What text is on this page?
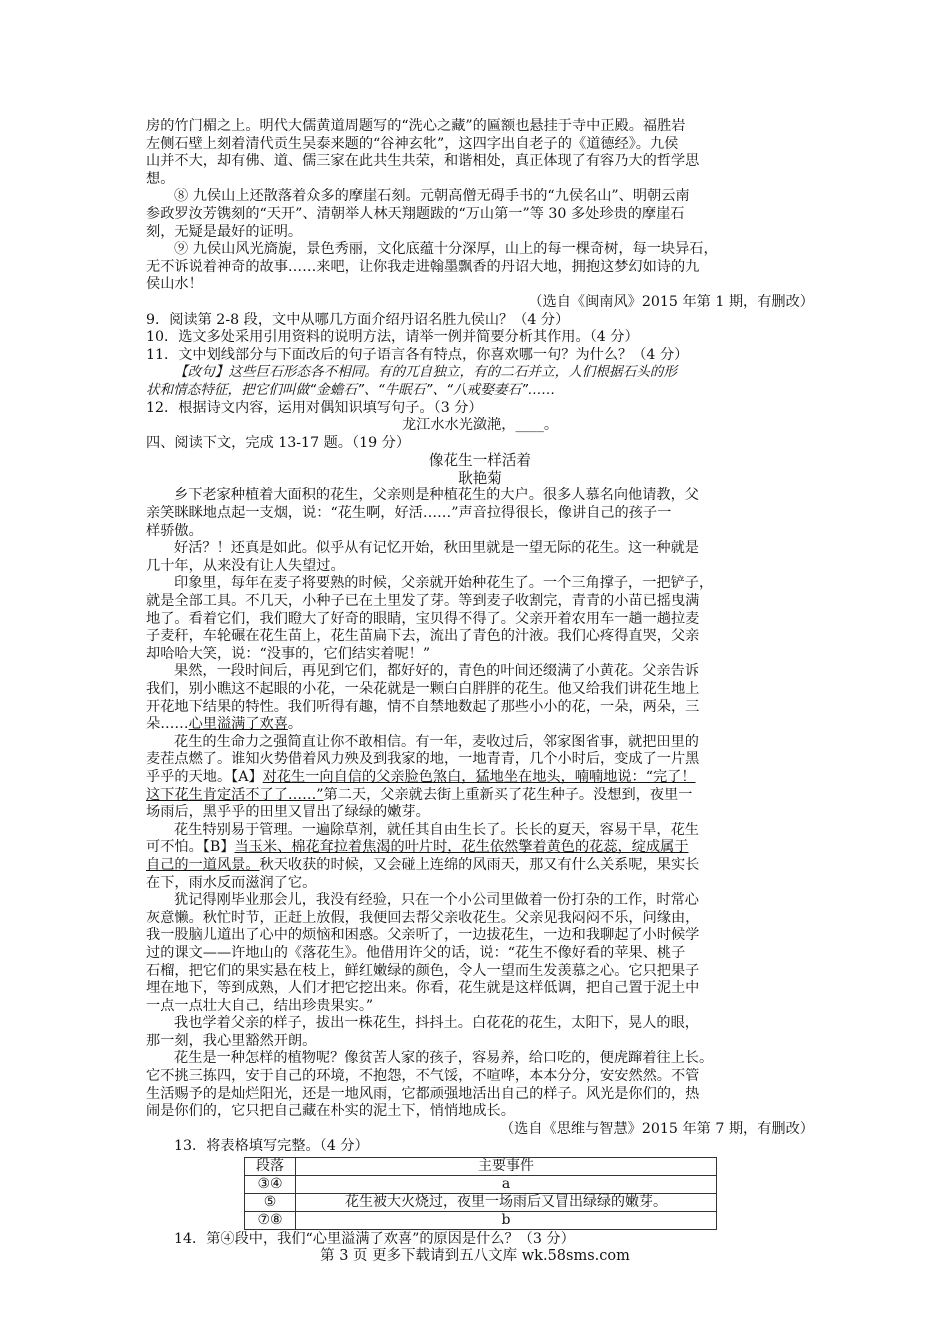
房的竹门楣之上。明代大儒黄道周题写的“洗心之藏”的匾额也悬挂于寺中正殿。福胜岩
左侧石壁上刻着清代贡生吴泰来题的“谷神玄牝”，这四字出自老子的《道德经》。九侯
山并不大，却有佛、道、儒三家在此共生共荣，和谐相处，真正体现了有容乃大的哲学思
想。
⑧ 九侯山上还散落着众多的摩崖石刻。元朝高僧无碍手书的“九侯名山”、明朝云南
参政罗汝芳镌刻的“天开”、清朝举人林天翔题跋的“万山第一”等 30 多处珍贵的摩崖石
刻，无疑是最好的证明。
⑨ 九侯山风光旖旎，景色秀丽，文化底蕴十分深厚，山上的每一棵奇树，每一块异石，
无不诉说着神奇的故事……来吧，让你我走进翰墨飘香的丹诏大地，拥抱这梦幻如诗的九
侯山水！
（选自《闽南风》2015 年第 1 期，有删改）
9．阅读第 2-8 段，文中从哪几方面介绍丹诏名胜九侯山？（4 分）
10．选文多处采用引用资料的说明方法，请举一例并简要分析其作用。（4 分）
11．文中划线部分与下面改后的句子语言各有特点，你喜欢哪一句？为什么？（4 分）
【改句】这些巨石形态各不相同。有的兀自独立，有的二石并立，人们根据石头的形
状和情态特征，把它们叫做“金蟾石”、“牛眠石”、“八戒娶妻石”……
12．根据诗文内容，运用对偶知识填写句子。（3 分）
龙江水水光潋滟，____。
四、阅读下文，完成 13-17 题。（19 分）
像花生一样活着
耿艳菊
乡下老家种植着大面积的花生，父亲则是种植花生的大户。很多人慕名向他请教，父
亲笑眯眯地点起一支烟，说：“花生啊，好活……”声音拉得很长，像讲自己的孩子一
样骄傲。
好活？！还真是如此。似乎从有记忆开始，秋田里就是一望无际的花生。这一种就是
几十年，从来没有让人失望过。
印象里，每年在麦子将要熟的时候，父亲就开始种花生了。一个三角撑子，一把铲子，
就是全部工具。不几天，小种子已在土里发了芽。等到麦子收割完，青青的小苗已摇曳满
地了。看着它们，我们瞪大了好奇的眼睛，宝贝得不得了。父亲开着农用车一趟一趟拉麦
子麦秆，车轮碾在花生苗上，花生苗扁下去，流出了青色的汁液。我们心疼得直哭，父亲
却哈哈大笑，说：“没事的，它们结实着呢！”
果然，一段时间后，再见到它们，都好好的，青色的叶间还缀满了小黄花。父亲告诉
我们，别小瞧这不起眼的小花，一朵花就是一颗白白胖胖的花生。他又给我们讲花生地上
开花地下结果的特性。我们听得有趣，情不自禁地数起了那些小小的花，一朵，两朵，三
朵……心里溢满了欢喜。
花生的生命力之强简直让你不敢相信。有一年，麦收过后，邻家图省事，就把田里的
麦茬点燃了。谁知火势借着风力殃及到我家的地，一地青青，几个小时后，变成了一片黑
乎乎的天地。【A】对花生一向自信的父亲脸色煞白，猛地坐在地头，喃喃地说：“完了！
这下花生肯定活不了了……”第二天，父亲就去街上重新买了花生种子。没想到，夜里一
场雨后，黑乎乎的田里又冒出了绿绿的嫩芽。
花生特别易于管理。一遍除草剂，就任其自由生长了。长长的夏天，容易干旱，花生
可不怕。【B】当玉米、棉花耷拉着焦渴的叶片时，花生依然擎着黄色的花蕊，绽成属于
自己的一道风景。秋天收获的时候，又会碰上连绵的风雨天，那又有什么关系呢，果实长
在下，雨水反而滋润了它。
犹记得刚毕业那会儿，我没有经验，只在一个小公司里做着一份打杂的工作，时常心
灰意懒。秋忙时节，正赶上放假，我便回去帮父亲收花生。父亲见我闷闷不乐，问缘由，
我一股脑儿道出了心中的烦恼和困惑。父亲听了，一边拔花生，一边和我聊起了小时候学
过的课文——许地山的《落花生》。他借用许父的话，说：“花生不像好看的苹果、桃子
石榴，把它们的果实悬在枝上，鲜红嫩绿的颜色，令人一望而生发羡慕之心。它只把果子
埋在地下，等到成熟，人们才把它挖出来。你看，花生就是这样低调，把自己置于泥土中
一点一点壮大自己，结出珍贵果实。”
我也学着父亲的样子，拔出一株花生，抖抖土。白花花的花生，太阳下，晃人的眼，
那一刻，我心里豁然开朗。
花生是一种怎样的植物呢？像贫苦人家的孩子，容易养，给口吃的，便虎蹿着往上长。
它不挑三拣四，安于自己的环境，不抱怨，不气馁，不喧哗，本本分分，安安然然。不管
生活赐予的是灿烂阳光，还是一地风雨，它都顽强地活出自己的样子。风光是你们的，热
闹是你们的，它只把自己藏在朴实的泥土下，悄悄地成长。
（选自《思维与智慧》2015 年第 7 期，有删改）
13．将表格填写完整。（4 分）
段落	主要事件
③④	a
⑤	花生被大火烧过，夜里一场雨后又冒出绿绿的嫩芽。
⑦⑧	b
14．第④段中，我们“心里溢满了欢喜”的原因是什么？（3 分）
第 3 页 更多下载请到五八文库 wk.58sms.com
